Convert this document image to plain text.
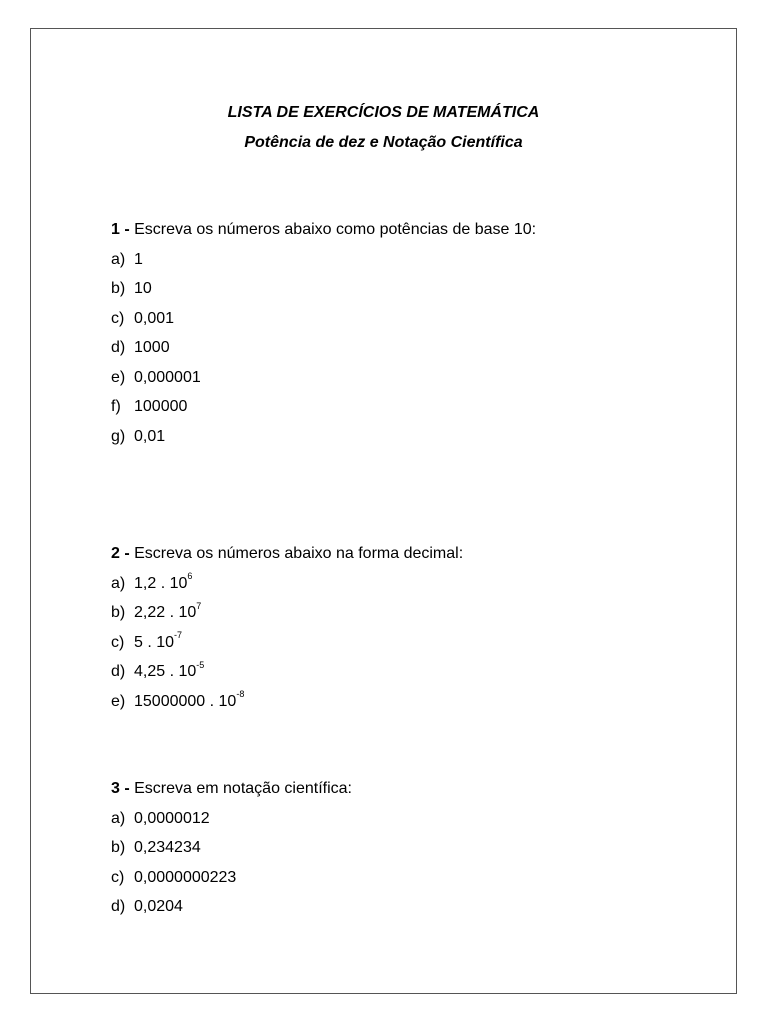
LISTA DE EXERCÍCIOS DE MATEMÁTICA
Potência de dez e Notação Científica
1 - Escreva os números abaixo como potências de base 10:
a) 1
b) 10
c) 0,001
d) 1000
e) 0,000001
f) 100000
g) 0,01
2 - Escreva os números abaixo na forma decimal:
a) 1,2 . $10^6$
b) 2,22 . $10^7$
c) 5 . $10^{-7}$
d) 4,25 . $10^{-5}$
e) 15000000 . $10^{-8}$
3 - Escreva em notação científica:
a) 0,0000012
b) 0,234234
c) 0,0000000223
d) 0,0204
